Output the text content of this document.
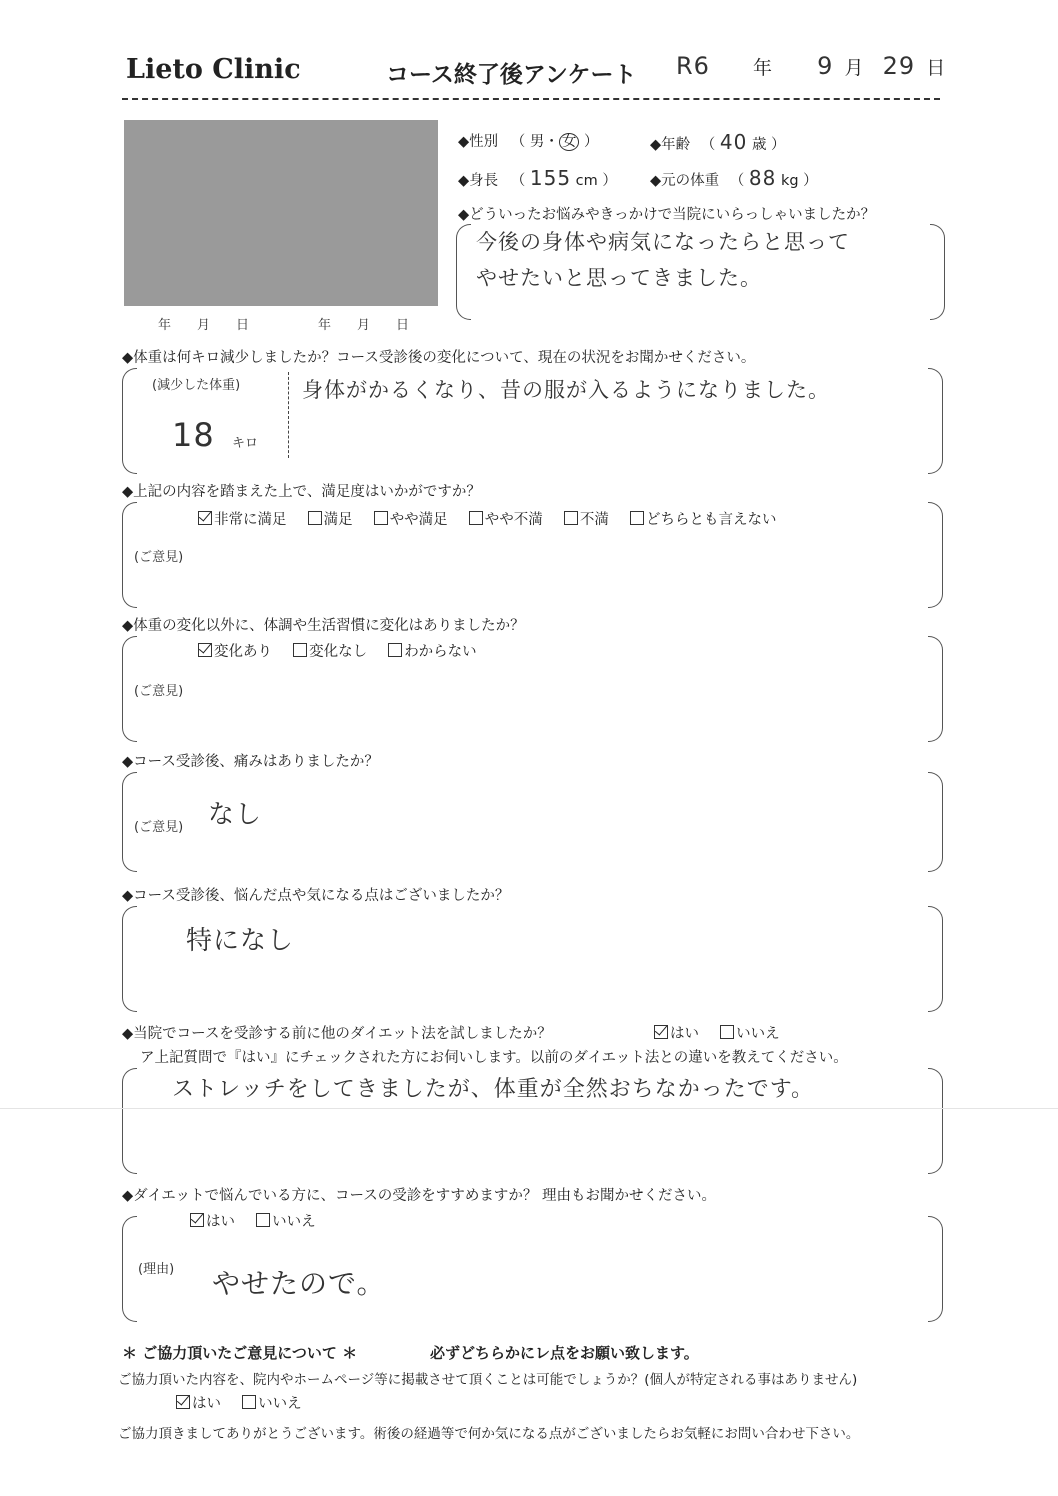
Lieto Clinic	コース終了後アンケート R6 年 9 月 29 日
年　　月　　日	年　　月　　日
◆性別 （ 男・ 女 ）	◆年齢 （ 40 歳 ）
◆身長 （ 155 cm ） ◆元の体重 （ 88 kg ）
◆どういったお悩みやきっかけで当院にいらっしゃいましたか？
今後の身体や病気になったらと思って
やせたいと思ってきました。
◆体重は何キロ減少しましたか？コース受診後の変化について、現在の状況をお聞かせください。
(減少した体重)
18 キロ
身体がかるくなり、昔の服が入るようになりました。
◆上記の内容を踏まえた上で、満足度はいかがですか？
非常に満足	満足	やや満足	やや不満	不満	どちらとも言えない
(ご意見)
◆体重の変化以外に、体調や生活習慣に変化はありましたか？
変化あり	変化なし	わからない
(ご意見)
◆コース受診後、痛みはありましたか？
(ご意見) なし
◆コース受診後、悩んだ点や気になる点はございましたか？
特になし
◆当院でコースを受診する前に他のダイエット法を試しましたか？	はい	いいえ
ア上記質問で『はい』にチェックされた方にお伺いします。以前のダイエット法との違いを教えてください。
ストレッチをしてきましたが、体重が全然おちなかったです。
◆ダイエットで悩んでいる方に、コースの受診をすすめますか？ 理由もお聞かせください。
はい	いいえ
(理由) やせたので。
＊ ご協力頂いたご意見について ＊	必ずどちらかにレ点をお願い致します。
ご協力頂いた内容を、院内やホームページ等に掲載させて頂くことは可能でしょうか？(個人が特定される事はありません)
はい	いいえ
ご協力頂きましてありがとうございます。術後の経過等で何か気になる点がございましたらお気軽にお問い合わせ下さい。
